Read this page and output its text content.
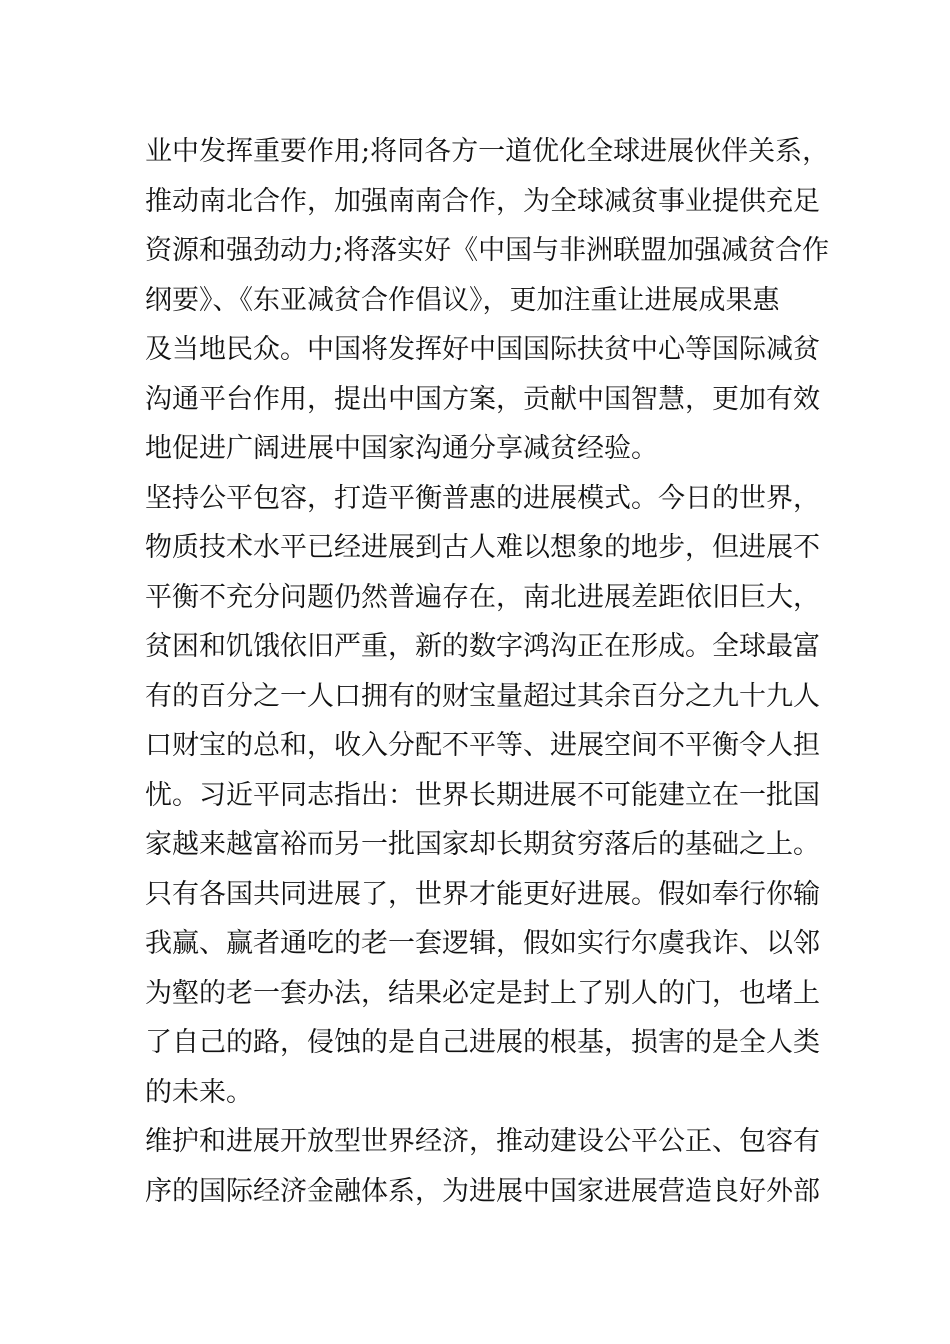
业中发挥重要作用;将同各方一道优化全球进展伙伴关系，
推动南北合作，加强南南合作，为全球减贫事业提供充足
资源和强劲动力;将落实好《中国与非洲联盟加强减贫合作
纲要》、《东亚减贫合作倡议》，更加注重让进展成果惠
及当地民众。中国将发挥好中国国际扶贫中心等国际减贫
沟通平台作用，提出中国方案，贡献中国智慧，更加有效
地促进广阔进展中国家沟通分享减贫经验。
坚持公平包容，打造平衡普惠的进展模式。今日的世界，
物质技术水平已经进展到古人难以想象的地步，但进展不
平衡不充分问题仍然普遍存在，南北进展差距依旧巨大，
贫困和饥饿依旧严重，新的数字鸿沟正在形成。全球最富
有的百分之一人口拥有的财宝量超过其余百分之九十九人
口财宝的总和，收入分配不平等、进展空间不平衡令人担
忧。习近平同志指出：世界长期进展不可能建立在一批国
家越来越富裕而另一批国家却长期贫穷落后的基础之上。
只有各国共同进展了，世界才能更好进展。假如奉行你输
我赢、赢者通吃的老一套逻辑，假如实行尔虞我诈、以邻
为壑的老一套办法，结果必定是封上了别人的门，也堵上
了自己的路，侵蚀的是自己进展的根基，损害的是全人类
的未来。
维护和进展开放型世界经济，推动建设公平公正、包容有
序的国际经济金融体系，为进展中国家进展营造良好外部
